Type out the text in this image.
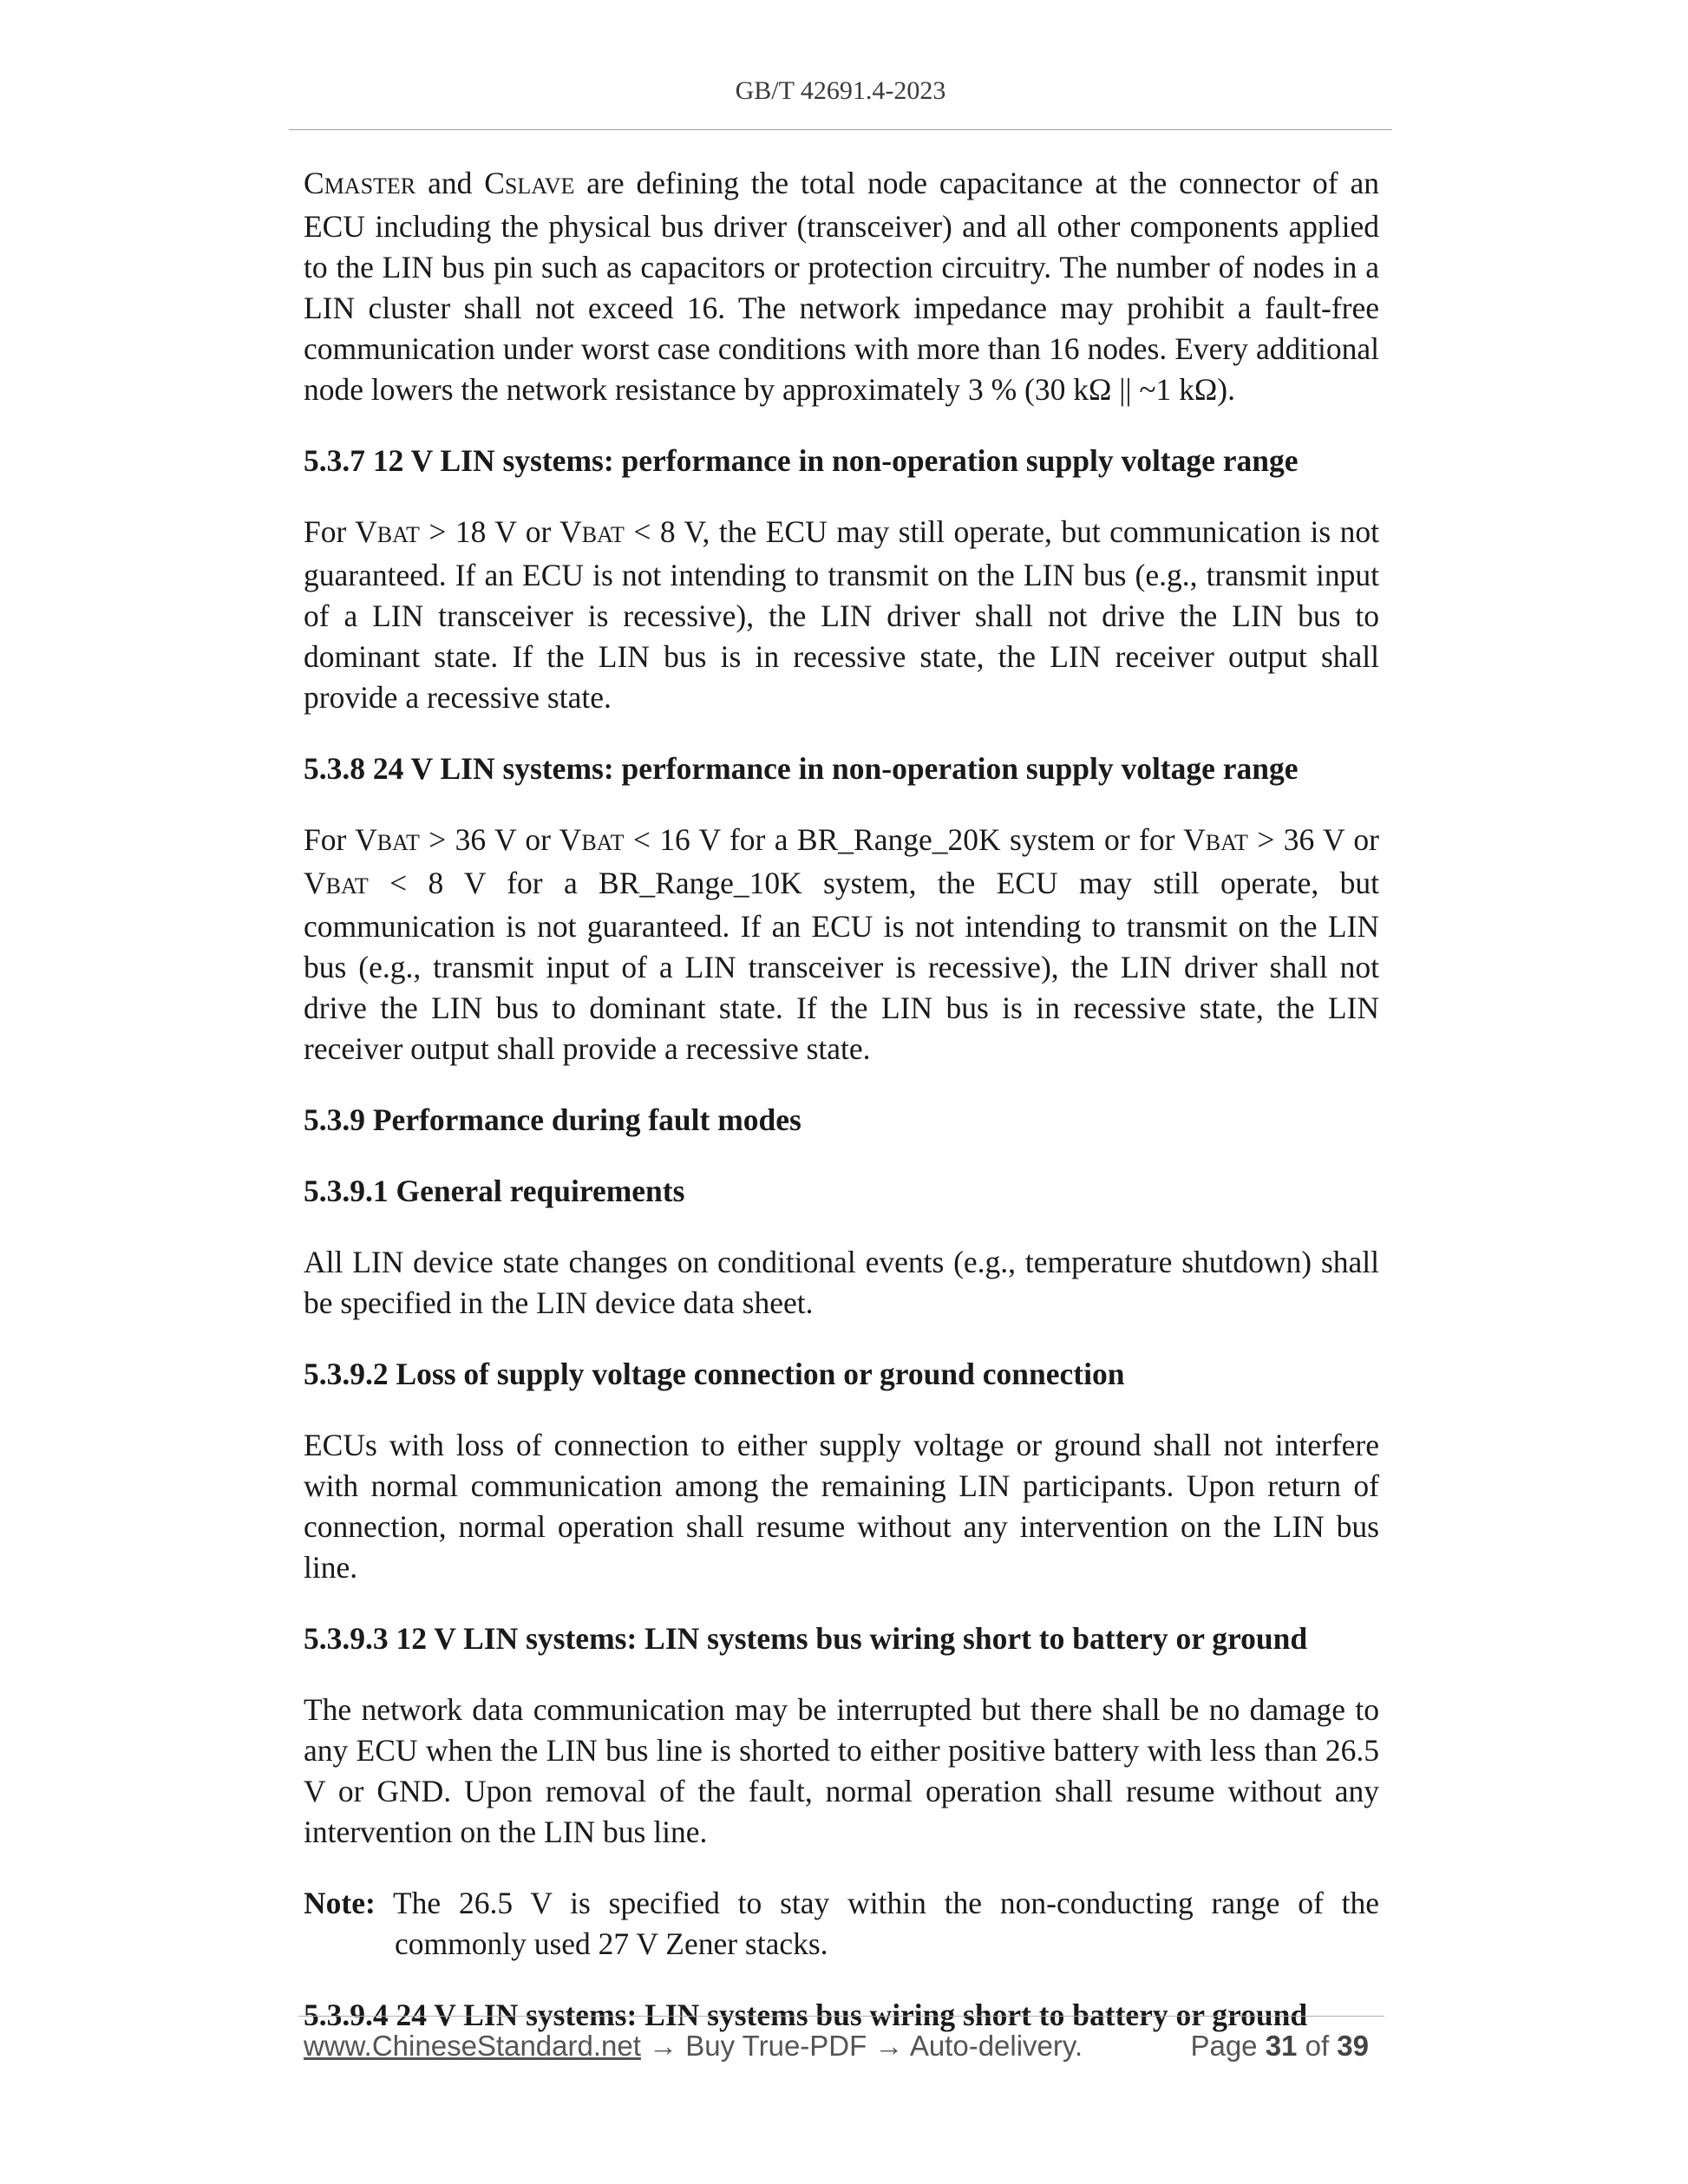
GB/T 42691.4-2023

CMASTER and CSLAVE are defining the total node capacitance at the connector of an ECU including the physical bus driver (transceiver) and all other components applied to the LIN bus pin such as capacitors or protection circuitry. The number of nodes in a LIN cluster shall not exceed 16. The network impedance may prohibit a fault-free communication under worst case conditions with more than 16 nodes. Every additional node lowers the network resistance by approximately 3 % (30 kΩ || ~1 kΩ).

5.3.7 12 V LIN systems: performance in non-operation supply voltage range

For VBAT > 18 V or VBAT < 8 V, the ECU may still operate, but communication is not guaranteed. If an ECU is not intending to transmit on the LIN bus (e.g., transmit input of a LIN transceiver is recessive), the LIN driver shall not drive the LIN bus to dominant state. If the LIN bus is in recessive state, the LIN receiver output shall provide a recessive state.

5.3.8 24 V LIN systems: performance in non-operation supply voltage range

For VBAT > 36 V or VBAT < 16 V for a BR_Range_20K system or for VBAT > 36 V or VBAT < 8 V for a BR_Range_10K system, the ECU may still operate, but communication is not guaranteed. If an ECU is not intending to transmit on the LIN bus (e.g., transmit input of a LIN transceiver is recessive), the LIN driver shall not drive the LIN bus to dominant state. If the LIN bus is in recessive state, the LIN receiver output shall provide a recessive state.

5.3.9 Performance during fault modes
5.3.9.1 General requirements

All LIN device state changes on conditional events (e.g., temperature shutdown) shall be specified in the LIN device data sheet.

5.3.9.2 Loss of supply voltage connection or ground connection

ECUs with loss of connection to either supply voltage or ground shall not interfere with normal communication among the remaining LIN participants. Upon return of connection, normal operation shall resume without any intervention on the LIN bus line.

5.3.9.3 12 V LIN systems: LIN systems bus wiring short to battery or ground

The network data communication may be interrupted but there shall be no damage to any ECU when the LIN bus line is shorted to either positive battery with less than 26.5 V or GND. Upon removal of the fault, normal operation shall resume without any intervention on the LIN bus line.

Note: The 26.5 V is specified to stay within the non-conducting range of the commonly used 27 V Zener stacks.

5.3.9.4 24 V LIN systems: LIN systems bus wiring short to battery or ground
www.ChineseStandard.net → Buy True-PDF → Auto-delivery.	Page 31 of 39
